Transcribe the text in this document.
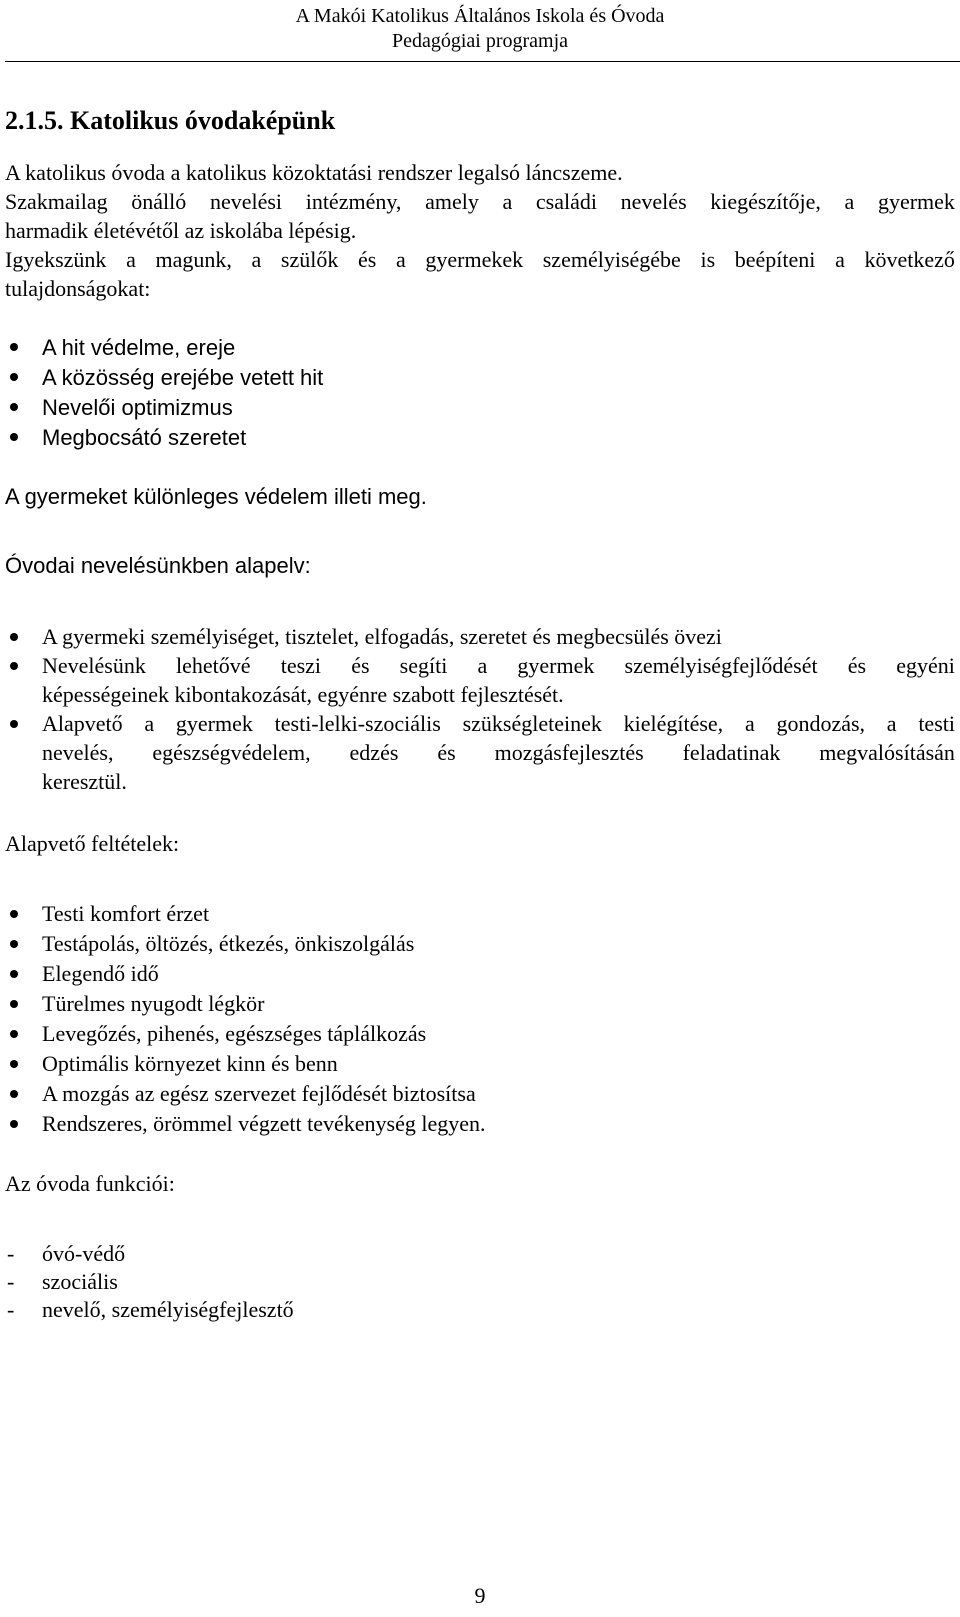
A Makói Katolikus Általános Iskola és Óvoda
Pedagógiai programja
2.1.5. Katolikus óvodaképünk
A katolikus óvoda a katolikus közoktatási rendszer legalsó láncszeme.
Szakmailag önálló nevelési intézmény, amely a családi nevelés kiegészítője, a gyermek
harmadik életévétől az iskolába lépésig.
Igyekszünk a magunk, a szülők és a gyermekek személyiségébe is beépíteni a következő
tulajdonságokat:
A hit védelme, ereje
A közösség erejébe vetett hit
Nevelői optimizmus
Megbocsátó szeretet
A gyermeket különleges védelem illeti meg.
Óvodai nevelésünkben alapelv:
A gyermeki személyiséget, tisztelet, elfogadás, szeretet és megbecsülés övezi
Nevelésünk lehetővé teszi és segíti a gyermek személyiségfejlődését és egyéni
képességeinek kibontakozását, egyénre szabott fejlesztését.
Alapvető a gyermek testi-lelki-szociális szükségleteinek kielégítése, a gondozás, a testi
nevelés, egészségvédelem, edzés és mozgásfejlesztés feladatinak megvalósításán
keresztül.
Alapvető feltételek:
Testi komfort érzet
Testápolás, öltözés, étkezés, önkiszolgálás
Elegendő idő
Türelmes nyugodt légkör
Levegőzés, pihenés, egészséges táplálkozás
Optimális környezet kinn és benn
A mozgás az egész szervezet fejlődését biztosítsa
Rendszeres, örömmel végzett tevékenység legyen.
Az óvoda funkciói:
- óvó-védő
- szociális
- nevelő, személyiségfejlesztő
9
